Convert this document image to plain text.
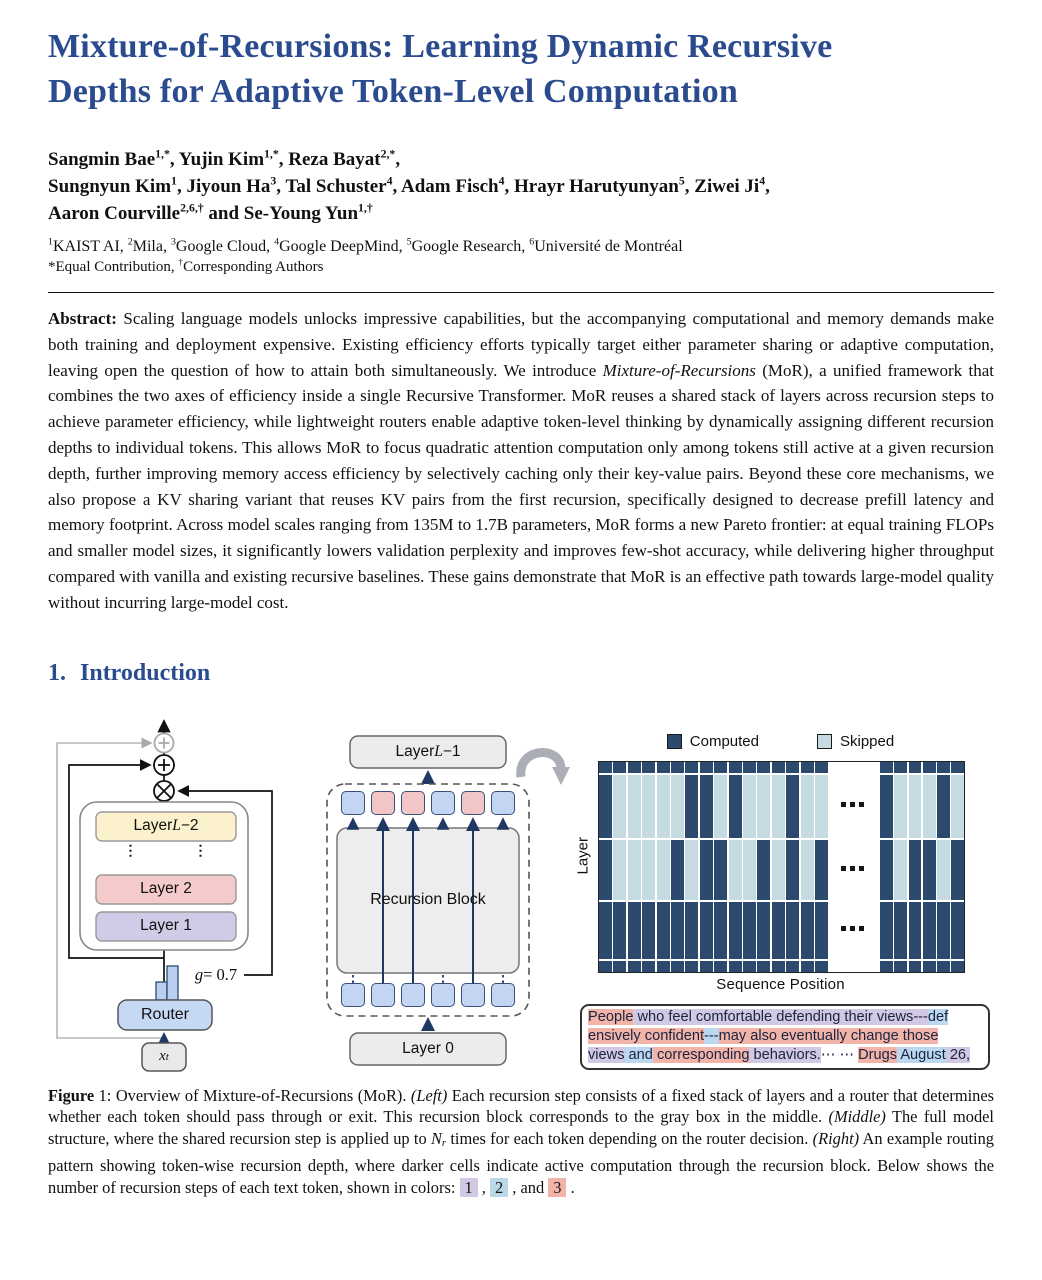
Mixture-of-Recursions: Learning Dynamic Recursive
Depths for Adaptive Token-Level Computation
Sangmin Bae$^{1,*}$, Yujin Kim$^{1,*}$, Reza Bayat$^{2,*}$,
Sungnyun Kim$^1$, Jiyoun Ha$^3$, Tal Schuster$^4$, Adam Fisch$^4$, Hrayr Harutyunyan$^5$, Ziwei Ji$^4$,
Aaron Courville$^{2,6,\dagger}$ and Se-Young Yun$^{1,\dagger}$
$^1$KAIST AI, $^2$Mila, $^3$Google Cloud, $^4$Google DeepMind, $^5$Google Research, $^6$Université de Montréal
*Equal Contribution, †Corresponding Authors

Abstract: Scaling language models unlocks impressive capabilities, but the accompanying computational and memory demands make both training and deployment expensive. Existing efficiency efforts typically target either parameter sharing or adaptive computation, leaving open the question of how to attain both simultaneously. We introduce Mixture-of-Recursions (MoR), a unified framework that combines the two axes of efficiency inside a single Recursive Transformer. MoR reuses a shared stack of layers across recursion steps to achieve parameter efficiency, while lightweight routers enable adaptive token-level thinking by dynamically assigning different recursion depths to individual tokens. This allows MoR to focus quadratic attention computation only among tokens still active at a given recursion depth, further improving memory access efficiency by selectively caching only their key-value pairs. Beyond these core mechanisms, we also propose a KV sharing variant that reuses KV pairs from the first recursion, specifically designed to decrease prefill latency and memory footprint. Across model scales ranging from 135M to 1.7B parameters, MoR forms a new Pareto frontier: at equal training FLOPs and smaller model sizes, it significantly lowers validation perplexity and improves few-shot accuracy, while delivering higher throughput compared with vanilla and existing recursive baselines. These gains demonstrate that MoR is an effective path towards large-model quality without incurring large-model cost.

1. Introduction
Layer L −2
⋮	⋮
Layer 2
Layer 1
Router
x t
g = 0.7
Layer L −1
Recursion Block
Layer 0
Computed	Skipped
Layer
Sequence Position
People who feel comfortable defending their views---def
ensively confident---may also eventually change those
views and corresponding behaviors.⋯ ⋯ Drugs August 26,

Figure 1: Overview of Mixture-of-Recursions (MoR). (Left) Each recursion step consists of a fixed stack of layers and a router that determines whether each token should pass through or exit. This recursion block corresponds to the gray box in the middle. (Middle) The full model structure, where the shared recursion step is applied up to Nr times for each token depending on the router decision. (Right) An example routing pattern showing token-wise recursion depth, where darker cells indicate active computation through the recursion block. Below shows the number of recursion steps of each text token, shown in colors: 1 , 2 , and 3 .
